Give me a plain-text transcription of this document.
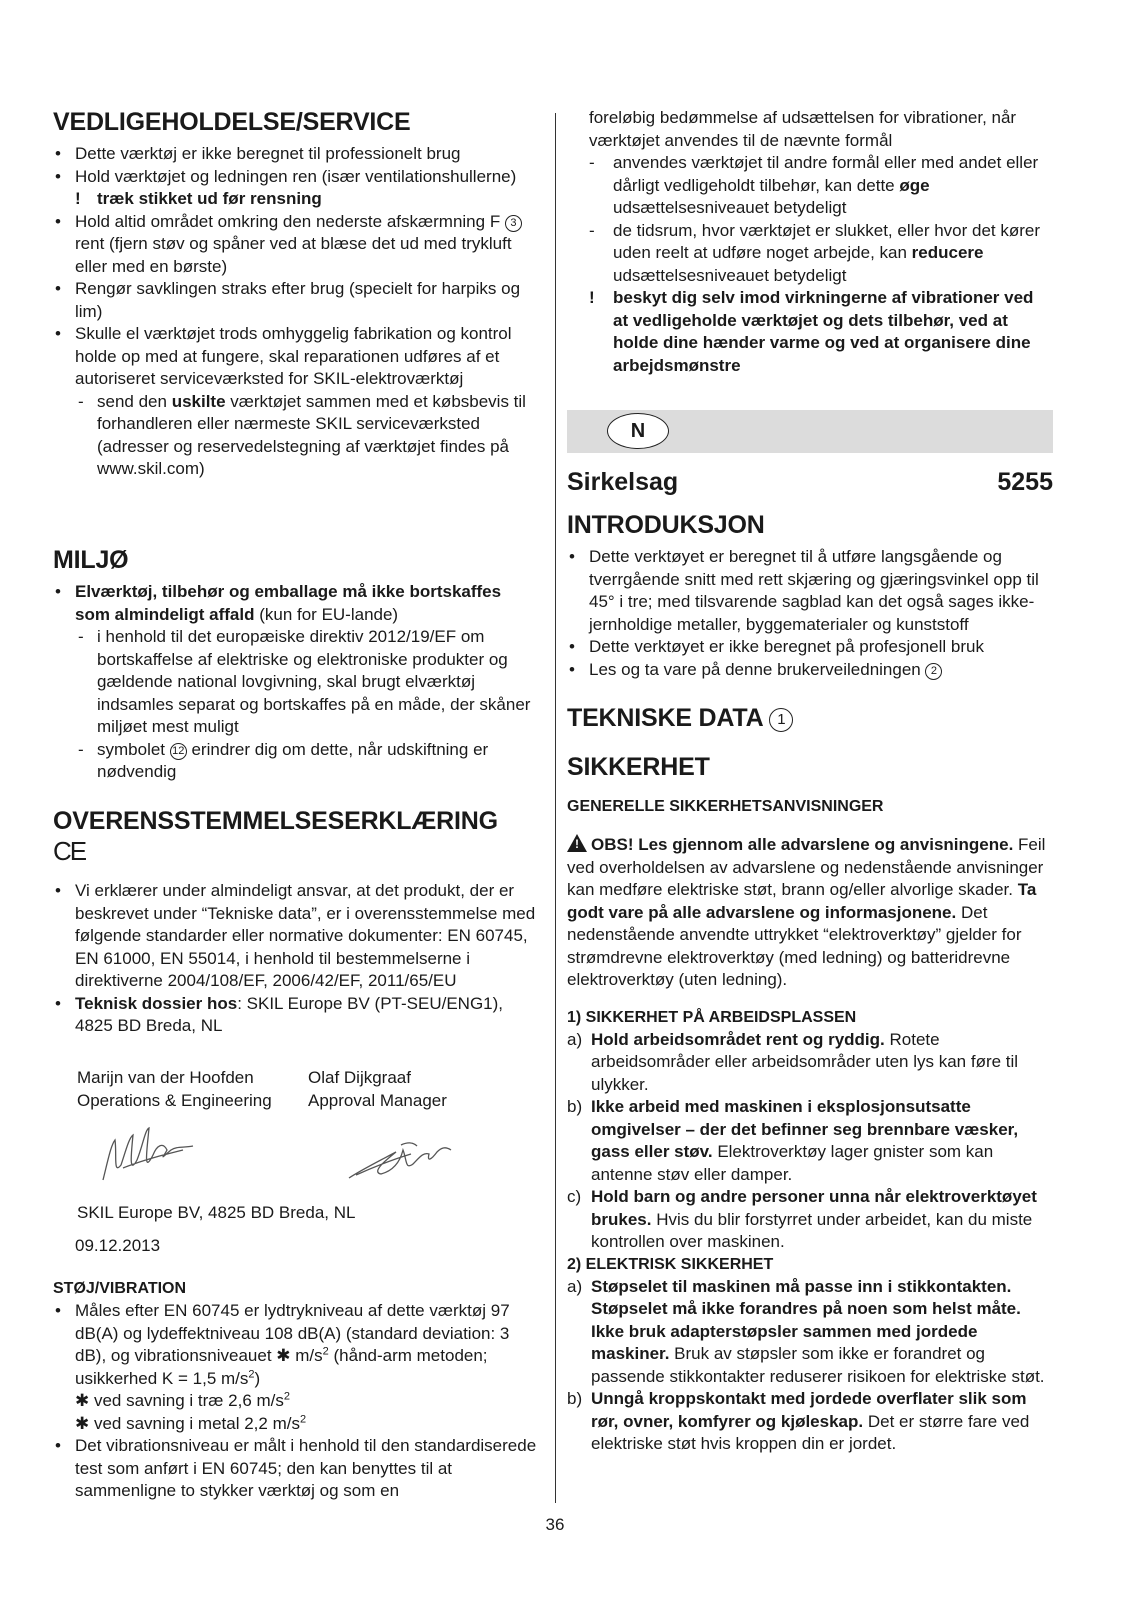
VEDLIGEHOLDELSE/SERVICE
• Dette værktøj er ikke beregnet til professionelt brug
• Hold værktøjet og ledningen ren (især ventilationshullerne)
! træk stikket ud før rensning
• Hold altid området omkring den nederste afskærmning F 3 rent (fjern støv og spåner ved at blæse det ud med trykluft eller med en børste)
• Rengør savklingen straks efter brug (specielt for harpiks og lim)
• Skulle el værktøjet trods omhyggelig fabrikation og kontrol holde op med at fungere, skal reparationen udføres af et autoriseret serviceværksted for SKIL-elektroværktøj
- send den uskilte værktøjet sammen med et købsbevis til forhandleren eller nærmeste SKIL serviceværksted (adresser og reservedelstegning af værktøjet findes på www.skil.com)
MILJØ
• Elværktøj, tilbehør og emballage må ikke bortskaffes som almindeligt affald (kun for EU-lande)
- i henhold til det europæiske direktiv 2012/19/EF om bortskaffelse af elektriske og elektroniske produkter og gældende national lovgivning, skal brugt elværktøj indsamles separat og bortskaffes på en måde, der skåner miljøet mest muligt
- symbolet 12 erindrer dig om dette, når udskiftning er nødvendig
OVERENSSTEMMELSESERKLÆRING
CE
• Vi erklærer under almindeligt ansvar, at det produkt, der er beskrevet under “Tekniske data”, er i overensstemmelse med følgende standarder eller normative dokumenter: EN 60745, EN 61000, EN 55014, i henhold til bestemmelserne i direktiverne 2004/108/EF, 2006/42/EF, 2011/65/EU
• Teknisk dossier hos: SKIL Europe BV (PT-SEU/ENG1), 4825 BD Breda, NL
Marijn van der Hoofden
Operations & Engineering
Olaf Dijkgraaf
Approval Manager
SKIL Europe BV, 4825 BD Breda, NL
09.12.2013
STØJ/VIBRATION
• Måles efter EN 60745 er lydtrykniveau af dette værktøj 97 dB(A) og lydeffektniveau 108 dB(A) (standard deviation: 3 dB), og vibrationsniveauet ✱ $m/s^2$ (hånd-arm metoden; usikkerhed K = 1,5 $m/s^2$)
✱ ved savning i træ 2,6 $m/s^2$
✱ ved savning i metal 2,2 $m/s^2$
• Det vibrationsniveau er målt i henhold til den standardiserede test som anført i EN 60745; den kan benyttes til at sammenligne to stykker værktøj og som en
foreløbig bedømmelse af udsættelsen for vibrationer, når værktøjet anvendes til de nævnte formål
- anvendes værktøjet til andre formål eller med andet eller dårligt vedligeholdt tilbehør, kan dette øge udsættelsesniveauet betydeligt
- de tidsrum, hvor værktøjet er slukket, eller hvor det kører uden reelt at udføre noget arbejde, kan reducere udsættelsesniveauet betydeligt
! beskyt dig selv imod virkningerne af vibrationer ved at vedligeholde værktøjet og dets tilbehør, ved at holde dine hænder varme og ved at organisere dine arbejdsmønstre
N
Sirkelsag	5255
INTRODUKSJON
• Dette verktøyet er beregnet til å utføre langsgående og tverrgående snitt med rett skjæring og gjæringsvinkel opp til 45° i tre; med tilsvarende sagblad kan det også sages ikke-jernholdige metaller, byggematerialer og kunststoff
• Dette verktøyet er ikke beregnet på profesjonell bruk
• Les og ta vare på denne brukerveiledningen 2
TEKNISKE DATA 1
SIKKERHET
GENERELLE SIKKERHETSANVISNINGER
!OBS! Les gjennom alle advarslene og anvisningene. Feil ved overholdelsen av advarslene og nedenstående anvisninger kan medføre elektriske støt, brann og/eller alvorlige skader. Ta godt vare på alle advarslene og informasjonene. Det nedenstående anvendte uttrykket “elektroverktøy” gjelder for strømdrevne elektroverktøy (med ledning) og batteridrevne elektroverktøy (uten ledning).
1) SIKKERHET PÅ ARBEIDSPLASSEN
a) Hold arbeidsområdet rent og ryddig. Rotete arbeidsområder eller arbeidsområder uten lys kan føre til ulykker.
b) Ikke arbeid med maskinen i eksplosjonsutsatte omgivelser – der det befinner seg brennbare væsker, gass eller støv. Elektroverktøy lager gnister som kan antenne støv eller damper.
c) Hold barn og andre personer unna når elektroverktøyet brukes. Hvis du blir forstyrret under arbeidet, kan du miste kontrollen over maskinen.
2) ELEKTRISK SIKKERHET
a) Støpselet til maskinen må passe inn i stikkontakten. Støpselet må ikke forandres på noen som helst måte. Ikke bruk adapterstøpsler sammen med jordede maskiner. Bruk av støpsler som ikke er forandret og passende stikkontakter reduserer risikoen for elektriske støt.
b) Unngå kroppskontakt med jordede overflater slik som rør, ovner, komfyrer og kjøleskap. Det er større fare ved elektriske støt hvis kroppen din er jordet.
36
